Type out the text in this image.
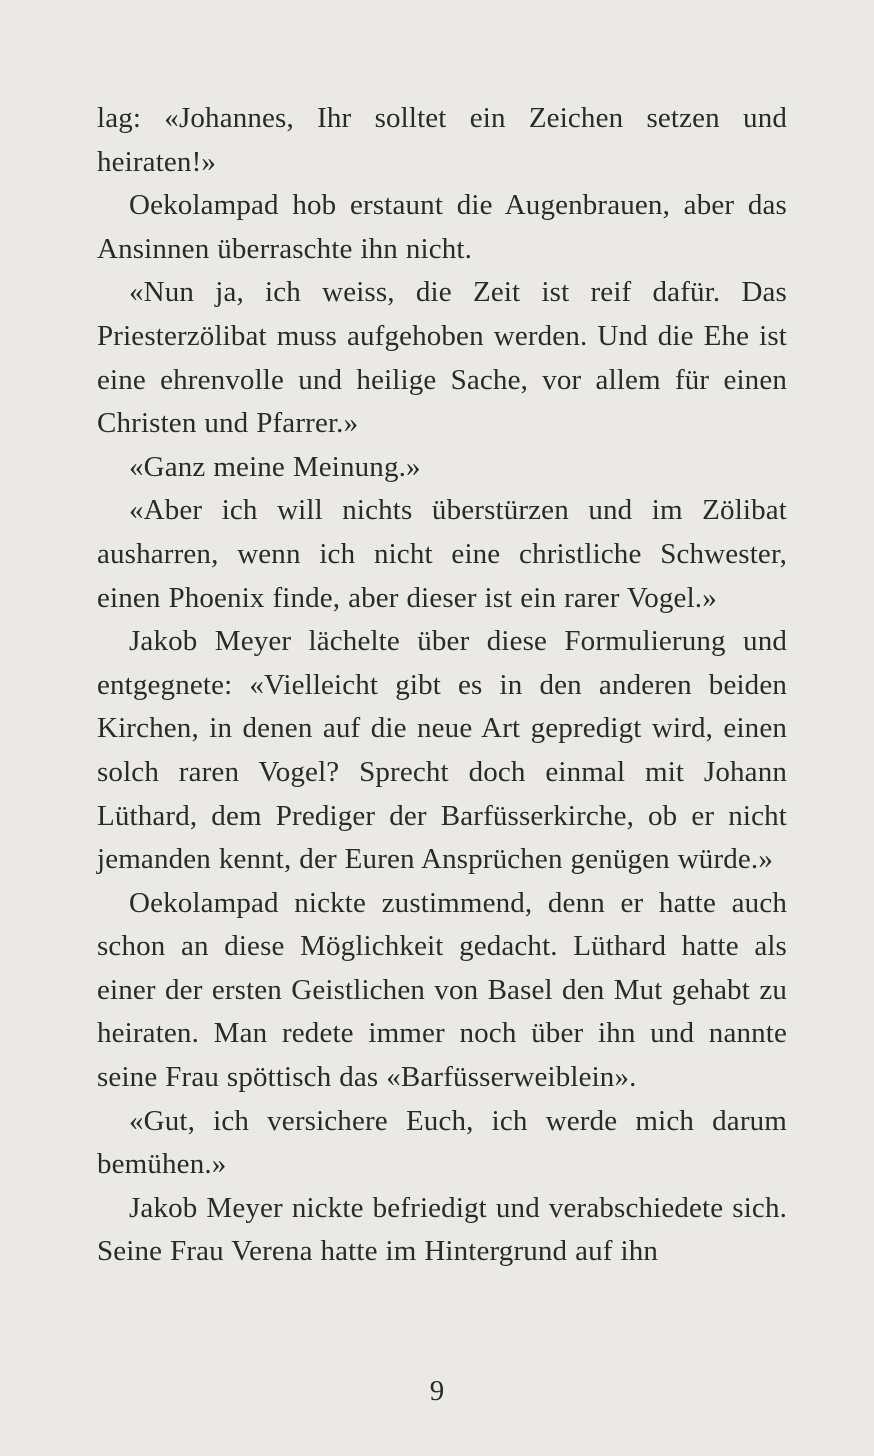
lag: «Johannes, Ihr solltet ein Zeichen setzen und heiraten!»

Oekolampad hob erstaunt die Augenbrauen, aber das Ansinnen überraschte ihn nicht.

«Nun ja, ich weiss, die Zeit ist reif dafür. Das Priesterzölibat muss aufgehoben werden. Und die Ehe ist eine ehrenvolle und heilige Sache, vor allem für einen Christen und Pfarrer.»

«Ganz meine Meinung.»

«Aber ich will nichts überstürzen und im Zölibat ausharren, wenn ich nicht eine christliche Schwester, einen Phoenix finde, aber dieser ist ein rarer Vogel.»

Jakob Meyer lächelte über diese Formulierung und entgegnete: «Vielleicht gibt es in den anderen beiden Kirchen, in denen auf die neue Art gepredigt wird, einen solch raren Vogel? Sprecht doch einmal mit Johann Lüthard, dem Prediger der Barfüsserkirche, ob er nicht jemanden kennt, der Euren Ansprüchen genügen würde.»

Oekolampad nickte zustimmend, denn er hatte auch schon an diese Möglichkeit gedacht. Lüthard hatte als einer der ersten Geistlichen von Basel den Mut gehabt zu heiraten. Man redete immer noch über ihn und nannte seine Frau spöttisch das «Barfüsserweiblein».

«Gut, ich versichere Euch, ich werde mich darum bemühen.»

Jakob Meyer nickte befriedigt und verabschiedete sich. Seine Frau Verena hatte im Hintergrund auf ihn

9
